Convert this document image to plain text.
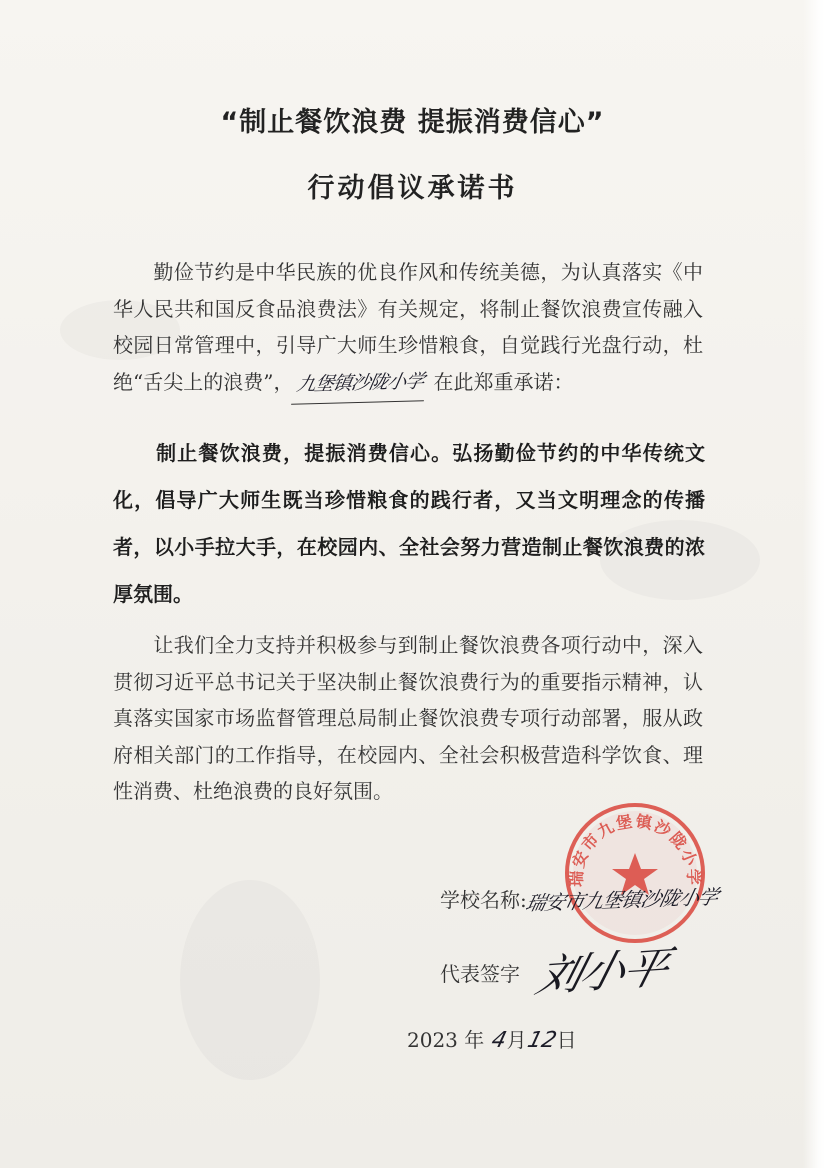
“制止餐饮浪费 提振消费信心”
行动倡议承诺书
勤俭节约是中华民族的优良作风和传统美德，为认真落实《中华人民共和国反食品浪费法》有关规定，将制止餐饮浪费宣传融入校园日常管理中，引导广大师生珍惜粮食，自觉践行光盘行动，杜绝“舌尖上的浪费”，九堡镇沙陇小学 在此郑重承诺：
制止餐饮浪费，提振消费信心。弘扬勤俭节约的中华传统文化，倡导广大师生既当珍惜粮食的践行者，又当文明理念的传播者，以小手拉大手，在校园内、全社会努力营造制止餐饮浪费的浓厚氛围。
让我们全力支持并积极参与到制止餐饮浪费各项行动中，深入贯彻习近平总书记关于坚决制止餐饮浪费行为的重要指示精神，认真落实国家市场监督管理总局制止餐饮浪费专项行动部署，服从政府相关部门的工作指导，在校园内、全社会积极营造科学饮食、理性消费、杜绝浪费的良好氛围。
瑞安市九堡镇沙陇小学
学校名称:瑞安市九堡镇沙陇小学
代表签字 刘小平
2023 年 4月12日
